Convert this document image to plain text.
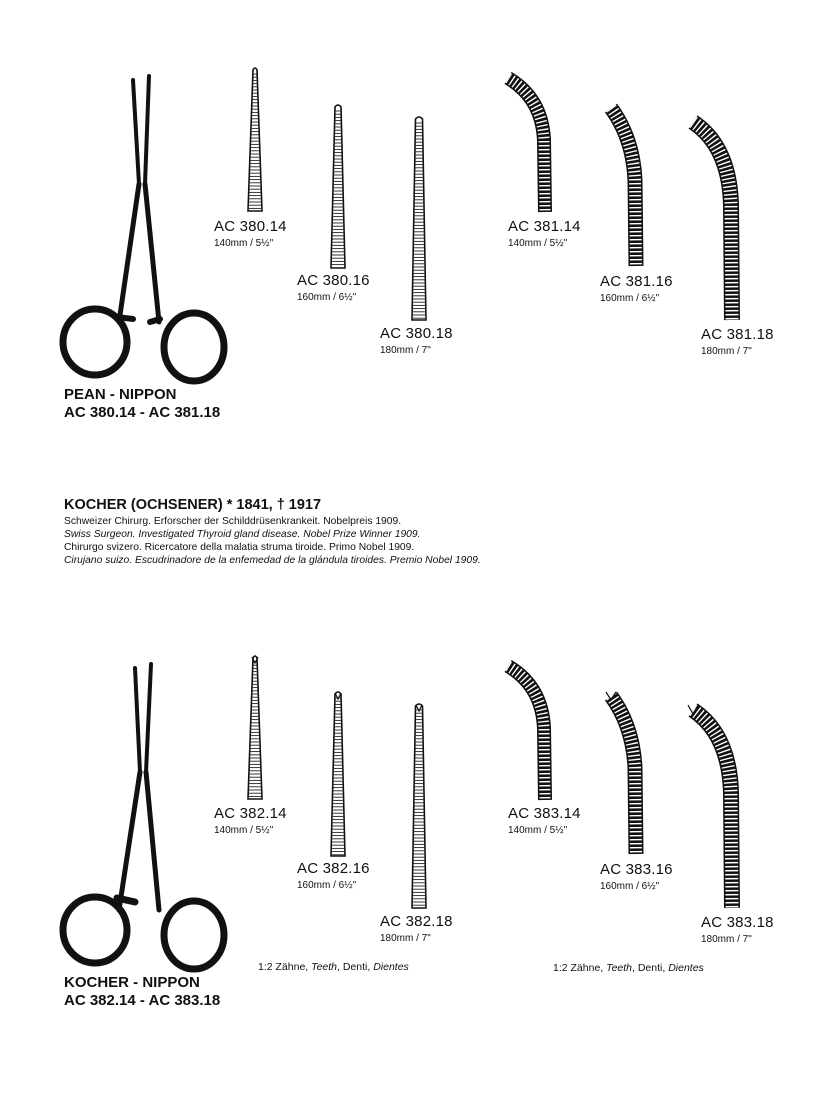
PEAN - NIPPON
AC 380.14 - AC 381.18
AC 380.14
140mm / 5½"
AC 380.16
160mm / 6½"
AC 380.18
180mm / 7"
AC 381.14
140mm / 5½"
AC 381.16
160mm / 6½"
AC 381.18
180mm / 7"
KOCHER (OCHSENER) * 1841, † 1917
Schweizer Chirurg. Erforscher der Schilddrüsenkrankeit. Nobelpreis 1909.
Swiss Surgeon. Investigated Thyroid gland disease. Nobel Prize Winner 1909.
Chirurgo svizero. Ricercatore della malatia struma tiroide. Primo Nobel 1909.
Cirujano suizo. Escudrinadore de la enfemedad de la glándula tiroides. Premio Nobel 1909.
KOCHER - NIPPON
AC 382.14 - AC 383.18
AC 382.14
140mm / 5½"
AC 382.16
160mm / 6½"
AC 382.18
180mm / 7"
AC 383.14
140mm / 5½"
AC 383.16
160mm / 6½"
AC 383.18
180mm / 7"
1:2 Zähne, Teeth, Denti, Dientes	1:2 Zähne, Teeth, Denti, Dientes
